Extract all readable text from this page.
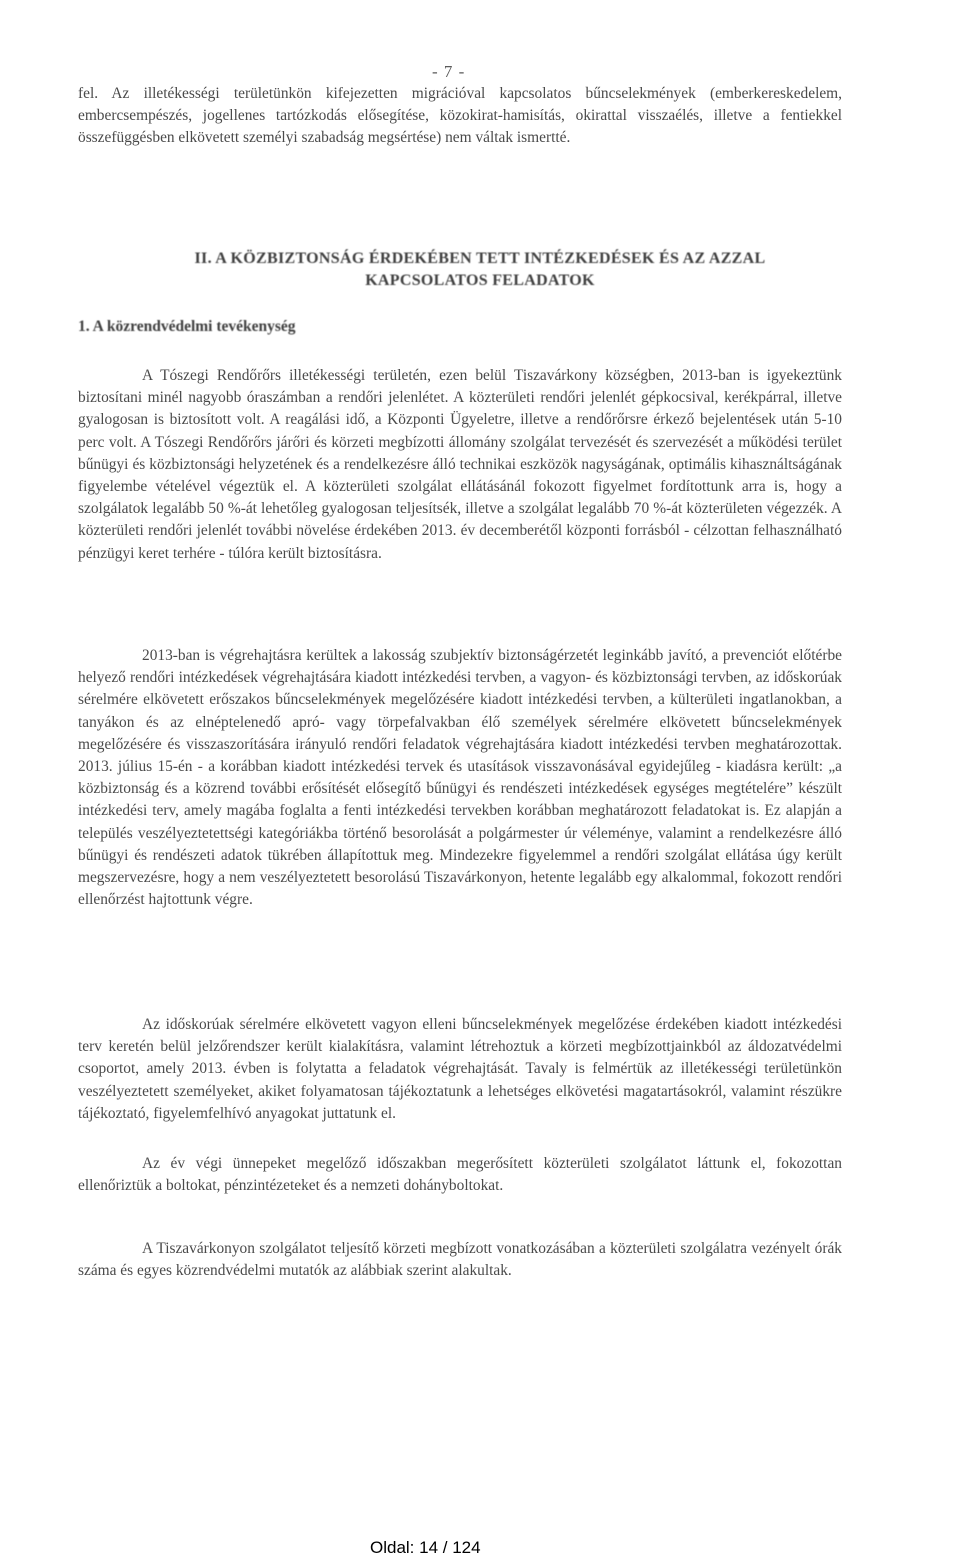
- 7 -
fel. Az illetékességi területünkön kifejezetten migrációval kapcsolatos bűncselekmények (emberkereskedelem, embercsempészés, jogellenes tartózkodás elősegítése, közokirat-hamisítás, okirattal visszaélés, illetve a fentiekkel összefüggésben elkövetett személyi szabadság megsértése) nem váltak ismertté.
II. A KÖZBIZTONSÁG ÉRDEKÉBEN TETT INTÉZKEDÉSEK ÉS AZ AZZAL
KAPCSOLATOS FELADATOK
1. A közrendvédelmi tevékenység
A Tószegi Rendőrőrs illetékességi területén, ezen belül Tiszavárkony községben, 2013-ban is igyekeztünk biztosítani minél nagyobb óraszámban a rendőri jelenlétet. A közterületi rendőri jelenlét gépkocsival, kerékpárral, illetve gyalogosan is biztosított volt. A reagálási idő, a Központi Ügyeletre, illetve a rendőrőrsre érkező bejelentések után 5-10 perc volt. A Tószegi Rendőrőrs járőri és körzeti megbízotti állomány szolgálat tervezését és szervezését a működési terület bűnügyi és közbiztonsági helyzetének és a rendelkezésre álló technikai eszközök nagyságának, optimális kihasználtságának figyelembe vételével végeztük el. A közterületi szolgálat ellátásánál fokozott figyelmet fordítottunk arra is, hogy a szolgálatok legalább 50 %-át lehetőleg gyalogosan teljesítsék, illetve a szolgálat legalább 70 %-át közterületen végezzék. A közterületi rendőri jelenlét további növelése érdekében 2013. év decemberétől központi forrásból - célzottan felhasználható pénzügyi keret terhére - túlóra került biztosításra.
2013-ban is végrehajtásra kerültek a lakosság szubjektív biztonságérzetét leginkább javító, a prevenciót előtérbe helyező rendőri intézkedések végrehajtására kiadott intézkedési tervben, a vagyon- és közbiztonsági tervben, az időskorúak sérelmére elkövetett erőszakos bűncselekmények megelőzésére kiadott intézkedési tervben, a külterületi ingatlanokban, a tanyákon és az elnéptelenedő apró- vagy törpefalvakban élő személyek sérelmére elkövetett bűncselekmények megelőzésére és visszaszorítására irányuló rendőri feladatok végrehajtására kiadott intézkedési tervben meghatározottak. 2013. július 15-én - a korábban kiadott intézkedési tervek és utasítások visszavonásával egyidejűleg - kiadásra került: „a közbiztonság és a közrend további erősítését elősegítő bűnügyi és rendészeti intézkedések egységes megtételére” készült intézkedési terv, amely magába foglalta a fenti intézkedési tervekben korábban meghatározott feladatokat is. Ez alapján a település veszélyeztetettségi kategóriákba történő besorolását a polgármester úr véleménye, valamint a rendelkezésre álló bűnügyi és rendészeti adatok tükrében állapítottuk meg. Mindezekre figyelemmel a rendőri szolgálat ellátása úgy került megszervezésre, hogy a nem veszélyeztetett besorolású Tiszavárkonyon, hetente legalább egy alkalommal, fokozott rendőri ellenőrzést hajtottunk végre.
Az időskorúak sérelmére elkövetett vagyon elleni bűncselekmények megelőzése érdekében kiadott intézkedési terv keretén belül jelzőrendszer került kialakításra, valamint létrehoztuk a körzeti megbízottjainkból az áldozatvédelmi csoportot, amely 2013. évben is folytatta a feladatok végrehajtását. Tavaly is felmértük az illetékességi területünkön veszélyeztetett személyeket, akiket folyamatosan tájékoztatunk a lehetséges elkövetési magatartásokról, valamint részükre tájékoztató, figyelemfelhívó anyagokat juttatunk el.
Az év végi ünnepeket megelőző időszakban megerősített közterületi szolgálatot láttunk el, fokozottan ellenőriztük a boltokat, pénzintézeteket és a nemzeti dohányboltokat.
A Tiszavárkonyon szolgálatot teljesítő körzeti megbízott vonatkozásában a közterületi szolgálatra vezényelt órák száma és egyes közrendvédelmi mutatók az alábbiak szerint alakultak.
Oldal: 14 / 124
